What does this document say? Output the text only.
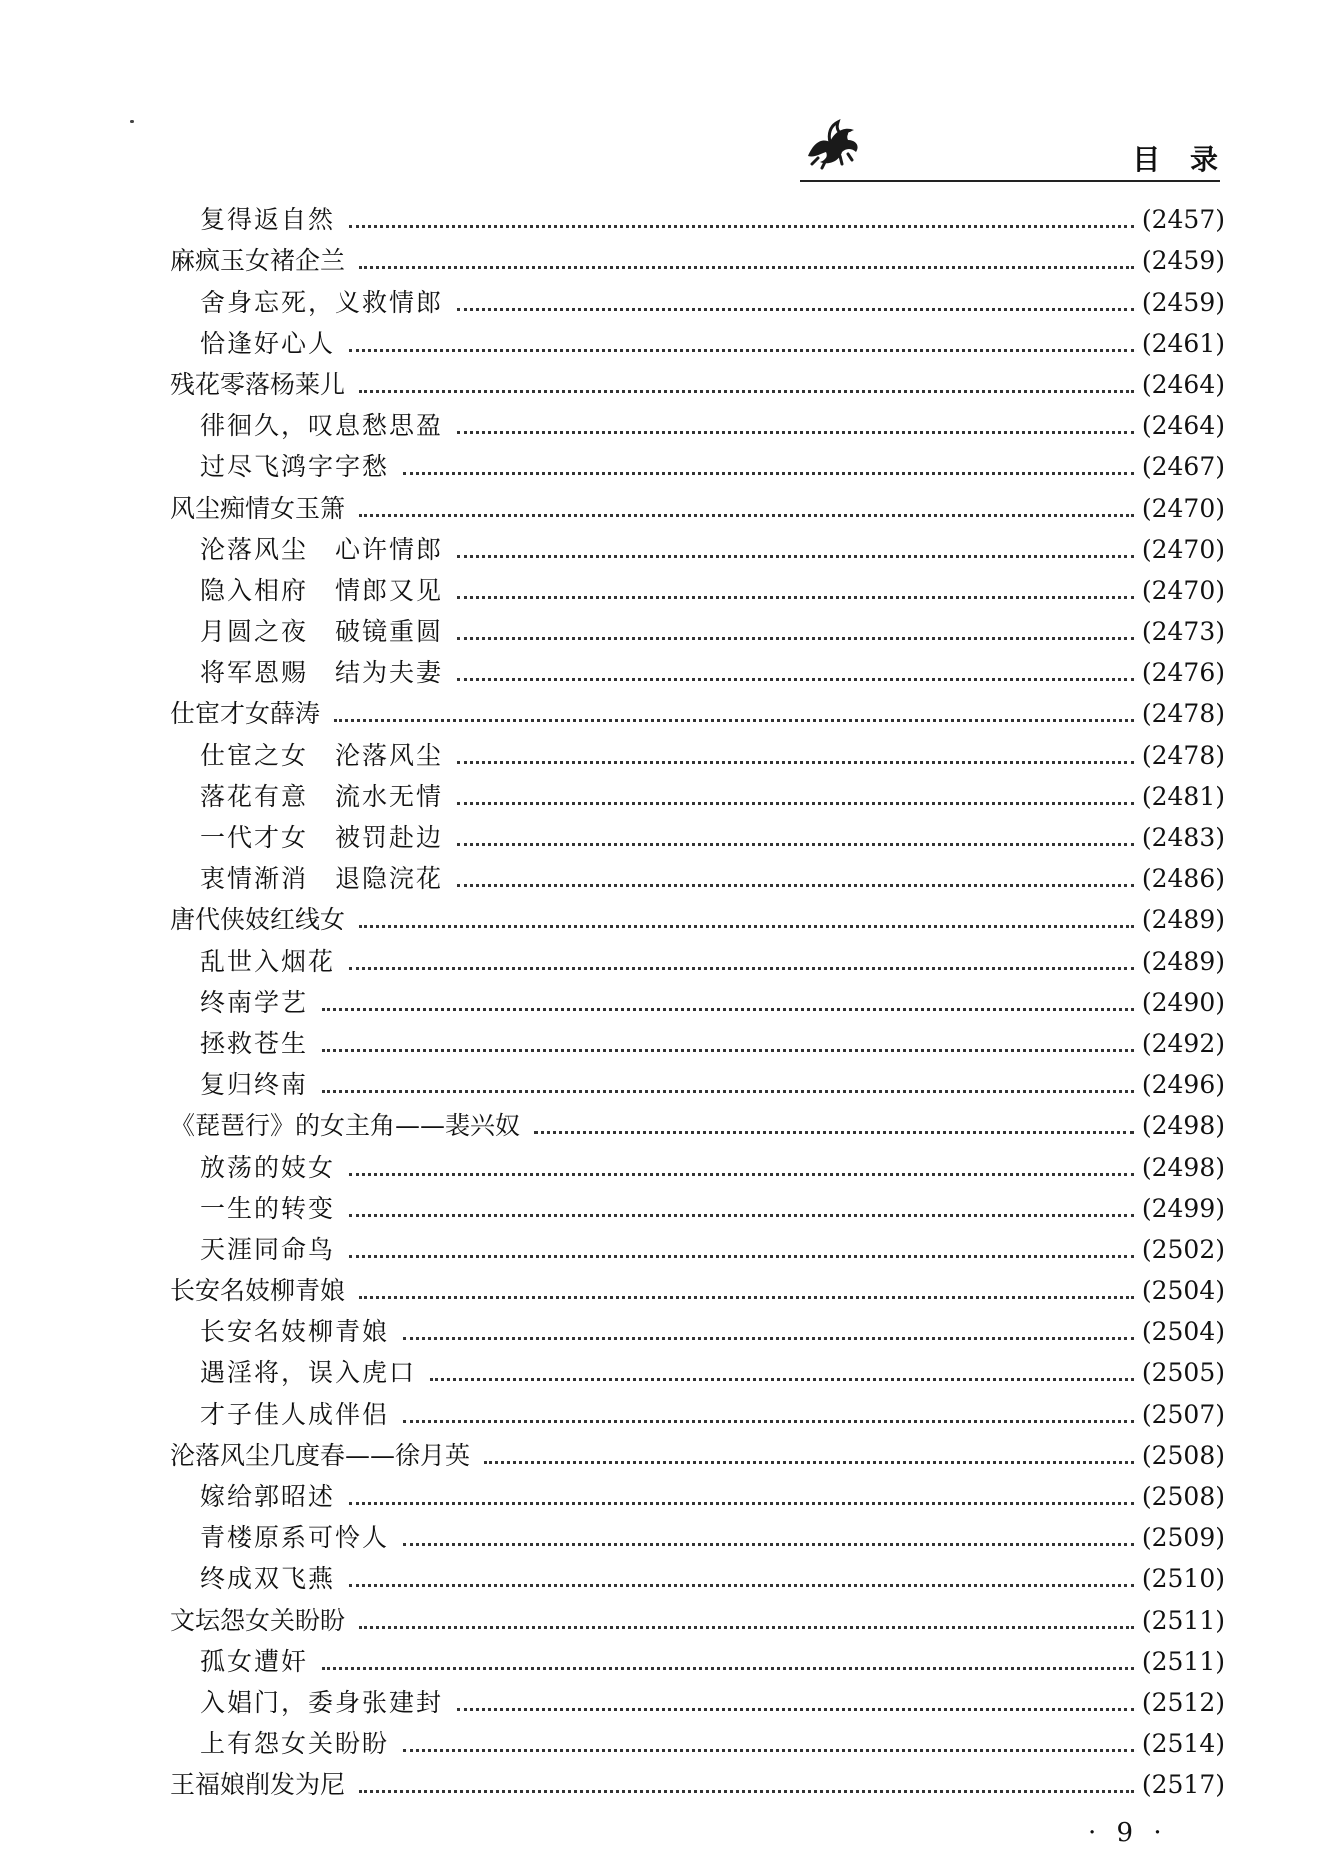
目 录
复得返自然	(2457)
麻疯玉女褚企兰	(2459)
舍身忘死，义救情郎	(2459)
恰逢好心人	(2461)
残花零落杨莱儿	(2464)
徘徊久，叹息愁思盈	(2464)
过尽飞鸿字字愁	(2467)
风尘痴情女玉箫	(2470)
沦落风尘　心许情郎	(2470)
隐入相府　情郎又见	(2470)
月圆之夜　破镜重圆	(2473)
将军恩赐　结为夫妻	(2476)
仕宦才女薛涛	(2478)
仕宦之女　沦落风尘	(2478)
落花有意　流水无情	(2481)
一代才女　被罚赴边	(2483)
衷情渐消　退隐浣花	(2486)
唐代侠妓红线女	(2489)
乱世入烟花	(2489)
终南学艺	(2490)
拯救苍生	(2492)
复归终南	(2496)
《琵琶行》的女主角——裴兴奴	(2498)
放荡的妓女	(2498)
一生的转变	(2499)
天涯同命鸟	(2502)
长安名妓柳青娘	(2504)
长安名妓柳青娘	(2504)
遇淫将，误入虎口	(2505)
才子佳人成伴侣	(2507)
沦落风尘几度春——徐月英	(2508)
嫁给郭昭述	(2508)
青楼原系可怜人	(2509)
终成双飞燕	(2510)
文坛怨女关盼盼	(2511)
孤女遭奸	(2511)
入娼门，委身张建封	(2512)
上有怨女关盼盼	(2514)
王福娘削发为尼	(2517)
· 9 ·
